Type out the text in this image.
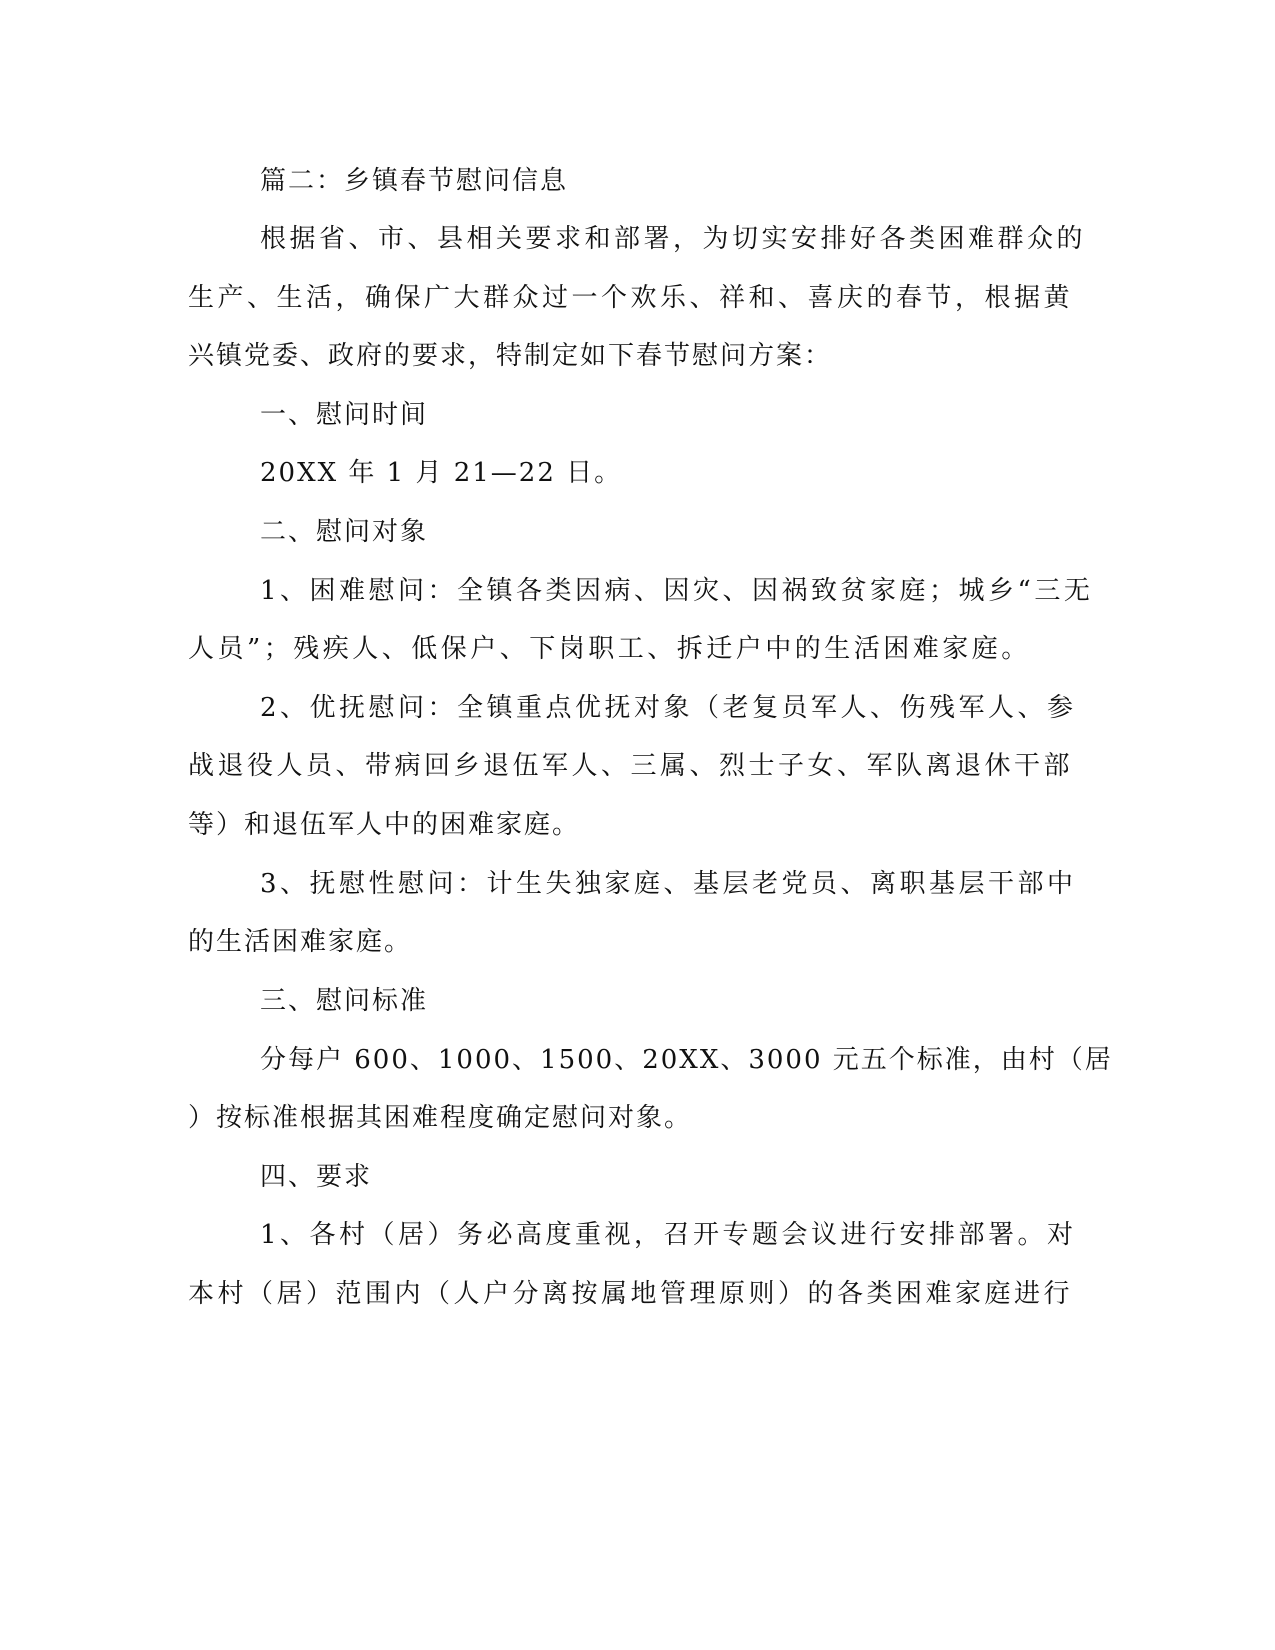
篇二：乡镇春节慰问信息

根据省、市、县相关要求和部署，为切实安排好各类困难群众的

生产、生活，确保广大群众过一个欢乐、祥和、喜庆的春节，根据黄

兴镇党委、政府的要求，特制定如下春节慰问方案：

一、慰问时间

20XX 年 1 月 21—22 日。

二、慰问对象

1、困难慰问：全镇各类因病、因灾、因祸致贫家庭；城乡“三无

人员”；残疾人、低保户、下岗职工、拆迁户中的生活困难家庭。

2、优抚慰问：全镇重点优抚对象（老复员军人、伤残军人、参

战退役人员、带病回乡退伍军人、三属、烈士子女、军队离退休干部

等）和退伍军人中的困难家庭。

3、抚慰性慰问：计生失独家庭、基层老党员、离职基层干部中

的生活困难家庭。

三、慰问标准

分每户 600、1000、1500、20XX、3000 元五个标准，由村（居

）按标准根据其困难程度确定慰问对象。

四、要求

1、各村（居）务必高度重视，召开专题会议进行安排部署。对

本村（居）范围内（人户分离按属地管理原则）的各类困难家庭进行
